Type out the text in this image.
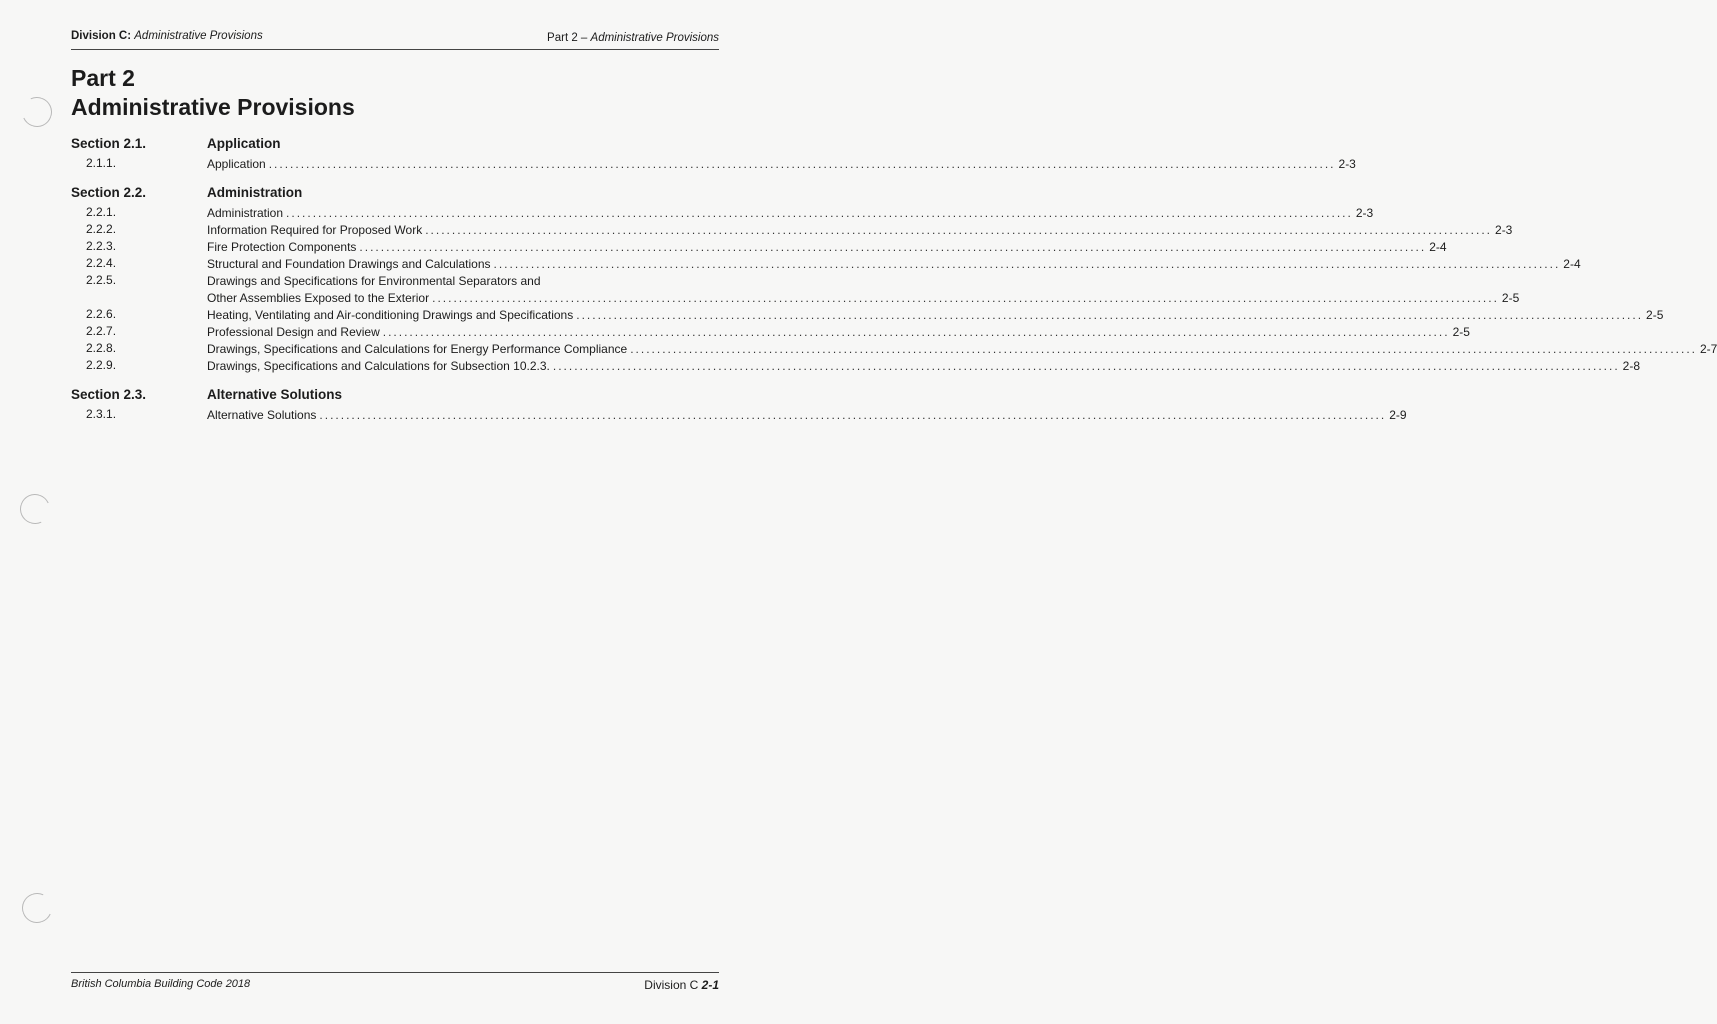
Division C: Administrative Provisions	Part 2 – Administrative Provisions
Part 2
Administrative Provisions
Section 2.1.	Application
2.1.1.	Application ........................................................................................................................................................................................................ 2-3
Section 2.2.	Administration
2.2.1.	Administration ........................................................................................................................................................................................................ 2-3
2.2.2.	Information Required for Proposed Work ........................................................................................................................................................................................................ 2-3
2.2.3.	Fire Protection Components ........................................................................................................................................................................................................ 2-4
2.2.4.	Structural and Foundation Drawings and Calculations ........................................................................................................................................................................................................ 2-4
2.2.5.	Drawings and Specifications for Environmental Separators and
Other Assemblies Exposed to the Exterior ........................................................................................................................................................................................................ 2-5
2.2.6.	Heating, Ventilating and Air-conditioning Drawings and Specifications ........................................................................................................................................................................................................ 2-5
2.2.7.	Professional Design and Review ........................................................................................................................................................................................................ 2-5
2.2.8.	Drawings, Specifications and Calculations for Energy Performance Compliance ........................................................................................................................................................................................................ 2-7
2.2.9.	Drawings, Specifications and Calculations for Subsection 10.2.3. ........................................................................................................................................................................................................ 2-8
Section 2.3.	Alternative Solutions
2.3.1.	Alternative Solutions ........................................................................................................................................................................................................ 2-9
British Columbia Building Code 2018	Division C 2-1
